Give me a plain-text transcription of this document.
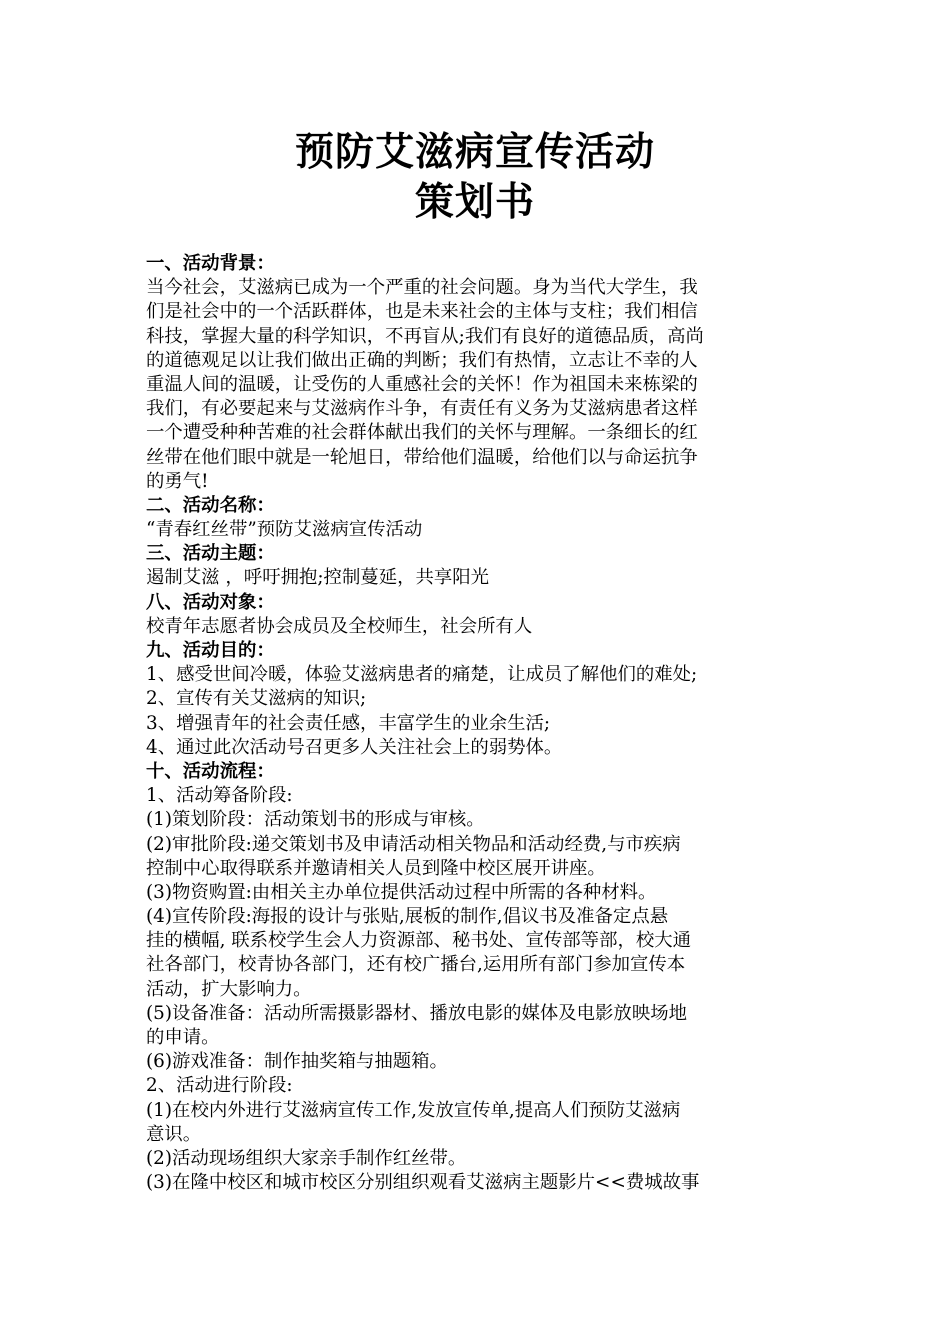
预防艾滋病宣传活动
策划书
一、活动背景：
当今社会，艾滋病已成为一个严重的社会问题。身为当代大学生，我
们是社会中的一个活跃群体，也是未来社会的主体与支柱；我们相信
科技，掌握大量的科学知识，不再盲从;我们有良好的道德品质，高尚
的道德观足以让我们做出正确的判断；我们有热情，立志让不幸的人
重温人间的温暖，让受伤的人重感社会的关怀！作为祖国未来栋梁的
我们，有必要起来与艾滋病作斗争，有责任有义务为艾滋病患者这样
一个遭受种种苦难的社会群体献出我们的关怀与理解。一条细长的红
丝带在他们眼中就是一轮旭日，带给他们温暖，给他们以与命运抗争
的勇气!
二、活动名称：
“青春红丝带”预防艾滋病宣传活动
三、活动主题：
遏制艾滋 ，呼吁拥抱;控制蔓延，共享阳光
八、活动对象：
校青年志愿者协会成员及全校师生，社会所有人
九、活动目的：
1、感受世间冷暖，体验艾滋病患者的痛楚，让成员了解他们的难处;
2、宣传有关艾滋病的知识;
3、增强青年的社会责任感，丰富学生的业余生活;
4、通过此次活动号召更多人关注社会上的弱势体。
十、活动流程：
1、活动筹备阶段:
(1)策划阶段：活动策划书的形成与审核。
(2)审批阶段:递交策划书及申请活动相关物品和活动经费,与市疾病
控制中心取得联系并邀请相关人员到隆中校区展开讲座。
(3)物资购置:由相关主办单位提供活动过程中所需的各种材料。
(4)宣传阶段:海报的设计与张贴,展板的制作,倡议书及准备定点悬
挂的横幅, 联系校学生会人力资源部、秘书处、宣传部等部，校大通
社各部门，校青协各部门，还有校广播台,运用所有部门参加宣传本
活动，扩大影响力。
(5)设备准备：活动所需摄影器材、播放电影的媒体及电影放映场地
的申请。
(6)游戏准备：制作抽奖箱与抽题箱。
2、活动进行阶段:
(1)在校内外进行艾滋病宣传工作,发放宣传单,提高人们预防艾滋病
意识。
(2)活动现场组织大家亲手制作红丝带。
(3)在隆中校区和城市校区分别组织观看艾滋病主题影片<<费城故事
